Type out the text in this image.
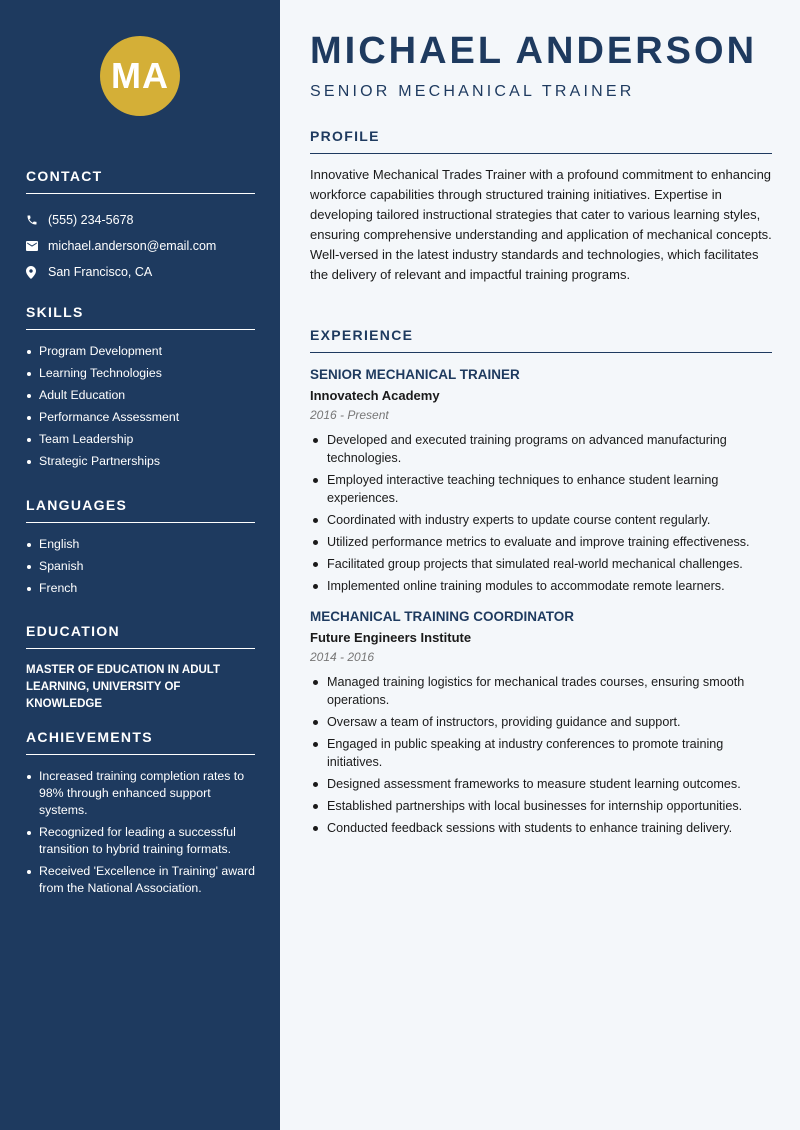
MA
CONTACT
(555) 234-5678
michael.anderson@email.com
San Francisco, CA
SKILLS
Program Development
Learning Technologies
Adult Education
Performance Assessment
Team Leadership
Strategic Partnerships
LANGUAGES
English
Spanish
French
EDUCATION
MASTER OF EDUCATION IN ADULT LEARNING, UNIVERSITY OF KNOWLEDGE
ACHIEVEMENTS
Increased training completion rates to 98% through enhanced support systems.
Recognized for leading a successful transition to hybrid training formats.
Received 'Excellence in Training' award from the National Association.
MICHAEL ANDERSON
SENIOR MECHANICAL TRAINER
PROFILE
Innovative Mechanical Trades Trainer with a profound commitment to enhancing workforce capabilities through structured training initiatives. Expertise in developing tailored instructional strategies that cater to various learning styles, ensuring comprehensive understanding and application of mechanical concepts. Well-versed in the latest industry standards and technologies, which facilitates the delivery of relevant and impactful training programs.
EXPERIENCE
SENIOR MECHANICAL TRAINER
Innovatech Academy
2016 - Present
Developed and executed training programs on advanced manufacturing technologies.
Employed interactive teaching techniques to enhance student learning experiences.
Coordinated with industry experts to update course content regularly.
Utilized performance metrics to evaluate and improve training effectiveness.
Facilitated group projects that simulated real-world mechanical challenges.
Implemented online training modules to accommodate remote learners.
MECHANICAL TRAINING COORDINATOR
Future Engineers Institute
2014 - 2016
Managed training logistics for mechanical trades courses, ensuring smooth operations.
Oversaw a team of instructors, providing guidance and support.
Engaged in public speaking at industry conferences to promote training initiatives.
Designed assessment frameworks to measure student learning outcomes.
Established partnerships with local businesses for internship opportunities.
Conducted feedback sessions with students to enhance training delivery.
